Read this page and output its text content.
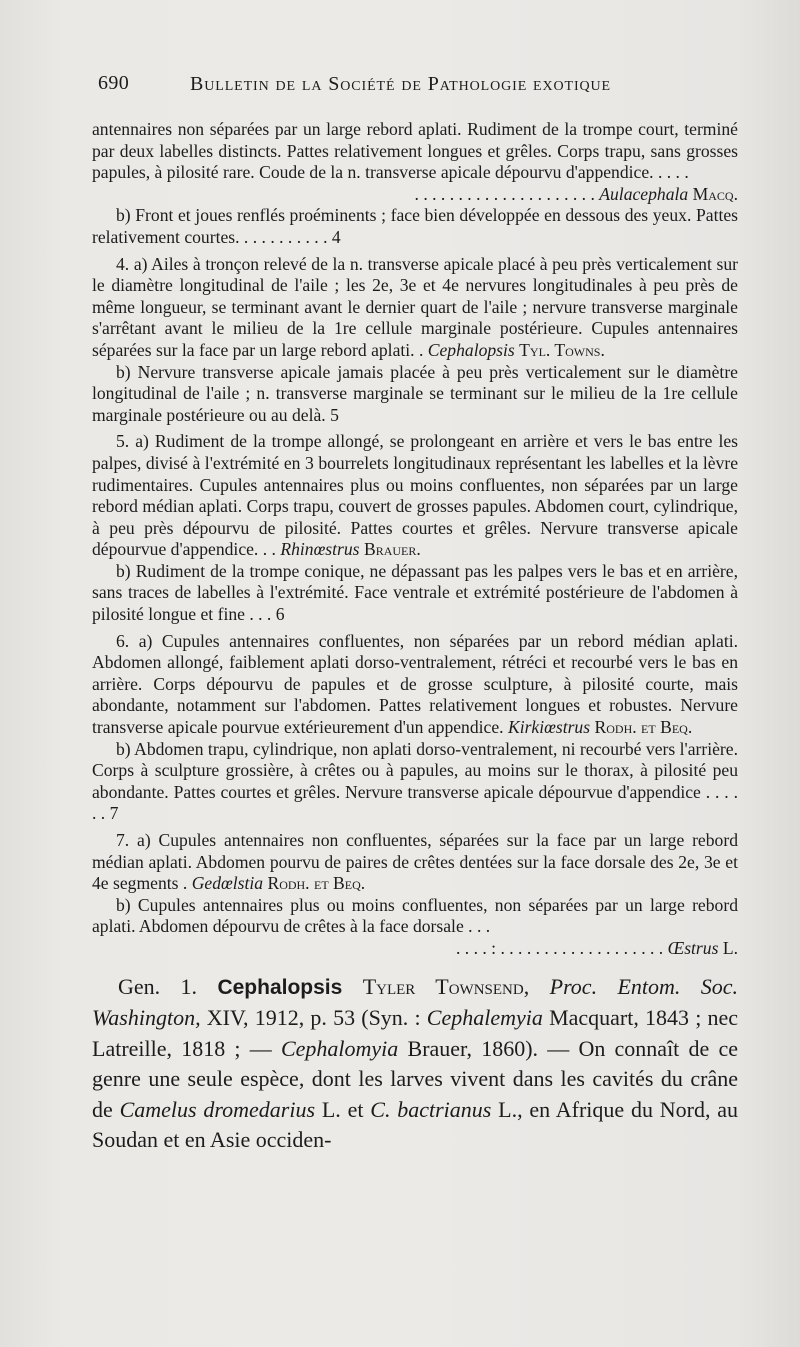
690	Bulletin de la Société de Pathologie exotique

antennaires non séparées par un large rebord aplati. Rudiment de la trompe court, terminé par deux labelles distincts. Pattes relativement longues et grêles. Corps trapu, sans grosses papules, à pilosité rare. Coude de la n. transverse apicale dépourvu d'appendice. . . . .

. . . . . . . . . . . . . . . . . . . . . Aulacephala Macq.

b) Front et joues renflés proéminents ; face bien développée en dessous des yeux. Pattes relativement courtes. . . . . . . . . . . 4

4. a) Ailes à tronçon relevé de la n. transverse apicale placé à peu près verticalement sur le diamètre longitudinal de l'aile ; les 2e, 3e et 4e nervures longitudinales à peu près de même longueur, se terminant avant le dernier quart de l'aile ; nervure transverse marginale s'arrêtant avant le milieu de la 1re cellule marginale postérieure. Cupules antennaires séparées sur la face par un large rebord aplati. . Cephalopsis Tyl. Towns.

b) Nervure transverse apicale jamais placée à peu près verticalement sur le diamètre longitudinal de l'aile ; n. transverse marginale se terminant sur le milieu de la 1re cellule marginale postérieure ou au delà. 5

5. a) Rudiment de la trompe allongé, se prolongeant en arrière et vers le bas entre les palpes, divisé à l'extrémité en 3 bourrelets longitudinaux représentant les labelles et la lèvre rudimentaires. Cupules antennaires plus ou moins confluentes, non séparées par un large rebord médian aplati. Corps trapu, couvert de grosses papules. Abdomen court, cylindrique, à peu près dépourvu de pilosité. Pattes courtes et grêles. Nervure transverse apicale dépourvue d'appendice. . . Rhinœstrus Brauer.

b) Rudiment de la trompe conique, ne dépassant pas les palpes vers le bas et en arrière, sans traces de labelles à l'extrémité. Face ventrale et extrémité postérieure de l'abdomen à pilosité longue et fine . . . 6

6. a) Cupules antennaires confluentes, non séparées par un rebord médian aplati. Abdomen allongé, faiblement aplati dorso-ventralement, rétréci et recourbé vers le bas en arrière. Corps dépourvu de papules et de grosse sculpture, à pilosité courte, mais abondante, notamment sur l'abdomen. Pattes relativement longues et robustes. Nervure transverse apicale pourvue extérieurement d'un appendice. Kirkiœstrus Rodh. et Beq.

b) Abdomen trapu, cylindrique, non aplati dorso-ventralement, ni recourbé vers l'arrière. Corps à sculpture grossière, à crêtes ou à papules, au moins sur le thorax, à pilosité peu abondante. Pattes courtes et grêles. Nervure transverse apicale dépourvue d'appendice . . . . . . 7

7. a) Cupules antennaires non confluentes, séparées sur la face par un large rebord médian aplati. Abdomen pourvu de paires de crêtes dentées sur la face dorsale des 2e, 3e et 4e segments . Gedœlstia Rodh. et Beq.

b) Cupules antennaires plus ou moins confluentes, non séparées par un large rebord aplati. Abdomen dépourvu de crêtes à la face dorsale . . .

. . . . : . . . . . . . . . . . . . . . . . . . Œstrus L.

Gen. 1. Cephalopsis Tyler Townsend, Proc. Entom. Soc. Washington, XIV, 1912, p. 53 (Syn. : Cephalemyia Macquart, 1843 ; nec Latreille, 1818 ; — Cephalomyia Brauer, 1860). — On connaît de ce genre une seule espèce, dont les larves vivent dans les cavités du crâne de Camelus dromedarius L. et C. bactrianus L., en Afrique du Nord, au Soudan et en Asie occiden-
